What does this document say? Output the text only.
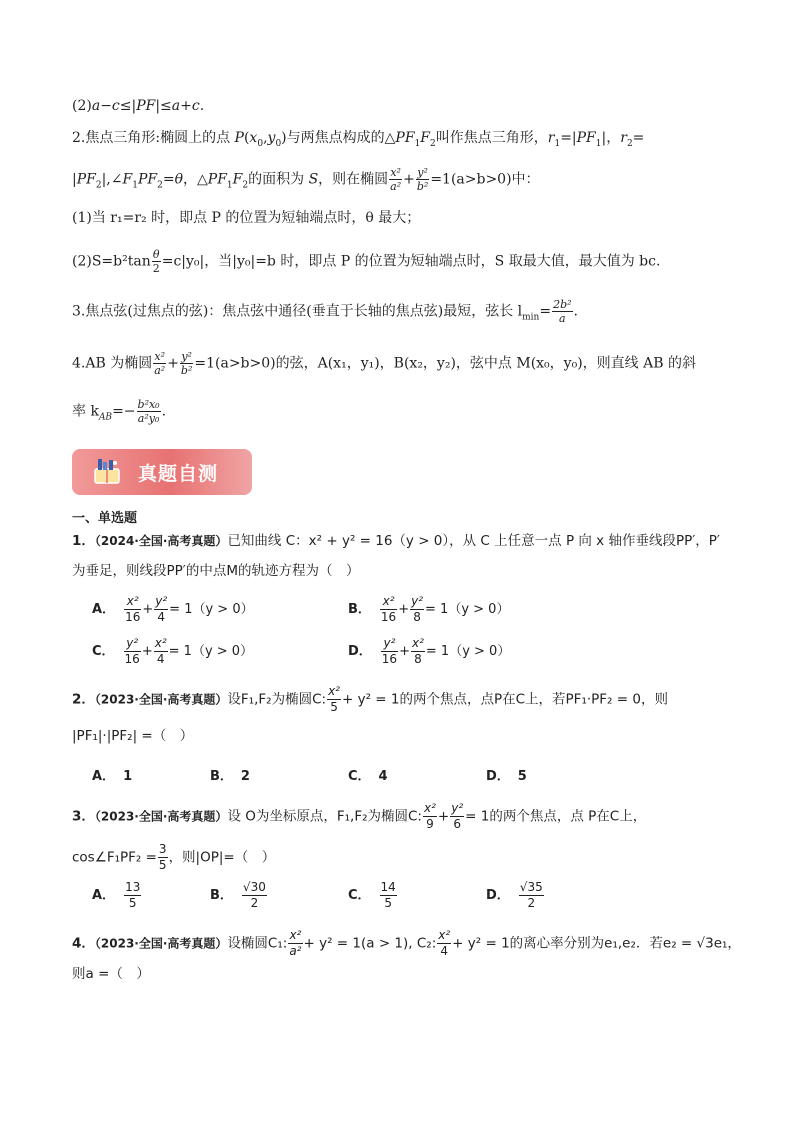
(2)a−c≤|PF|≤a+c.
2.焦点三角形:椭圆上的点 $P(x_0,y_0)$与两焦点构成的$\triangle PF_1F_2$叫作焦点三角形，$r_1=|PF_1|$，$r_2=$
$|PF_2|,\angle F_1PF_2=\theta$，$\triangle PF_1F_2$的面积为 S，则在椭圆 $\frac{\text{x²}}{\text{a²}} + \frac{\text{y²}}{\text{b²}} =1(a>b>0)$中：
(1)当 r₁=r₂ 时，即点 P 的位置为短轴端点时，θ 最大；
$(2)S=b^2\tan \frac{\theta}{2} =c|y_0|$，当|y₀|=b 时，即点 P 的位置为短轴端点时，S 取最大值，最大值为 bc.
3.焦点弦(过焦点的弦)：焦点弦中通径(垂直于长轴的焦点弦)最短，弦长 $l_{min}= \frac{\text{2b²}}{a}$ .
4.AB 为椭圆 $\frac{\text{x²}}{\text{a²}} + \frac{\text{y²}}{\text{b²}} =1(a>b>0)$的弦，A(x₁，y₁)，B(x₂，y₂)，弦中点 M(x₀，y₀)，则直线 AB 的斜
率 $k_{AB}=- \frac{\text{b²x₀}}{\text{a²y₀}}$ .
真题自测
一、单选题
1．（2024·全国·高考真题）已知曲线 C：x² + y² = 16（y > 0），从 C 上任意一点 P 向 x 轴作垂线段PP′，P′
为垂足，则线段PP′的中点M的轨迹方程为（　）
A． $\frac{\text{x²}}{16} + \frac{\text{y²}}{4} = 1(y > 0)$	B． $\frac{\text{x²}}{16} + \frac{\text{y²}}{8} = 1(y > 0)$
C． $\frac{\text{y²}}{16} + \frac{\text{x²}}{4} = 1(y > 0)$	D． $\frac{\text{y²}}{16} + \frac{\text{x²}}{8} = 1(y > 0)$
2．（2023·全国·高考真题）设F₁,F₂为椭圆C: $\frac{\text{x²}}{5} + y^2 = 1$的两个焦点，点P在C上，若PF₁·PF₂ = 0，则
|PF₁|·|PF₂| =（　）
A． 1	B． 2	C． 4	D． 5
3．（2023·全国·高考真题）设 O为坐标原点，F₁,F₂为椭圆C: $\frac{\text{x²}}{9} + \frac{\text{y²}}{6} = 1$的两个焦点，点 P在C上，
cos∠F₁PF₂ = $\frac{3}{5}$ ，则|OP|=（　）
A． $\frac{13}{5}$	B． $\frac{√30}{2}$	C． $\frac{14}{5}$	D． $\frac{√35}{2}$
4．（2023·全国·高考真题）设椭圆C₁: $\frac{\text{x²}}{\text{a²}} + y^2 = 1(a > 1)$, C₂: $\frac{\text{x²}}{4} + y^2 = 1$的离心率分别为e₁,e₂．若e₂ = √3e₁，
则a =（　）
